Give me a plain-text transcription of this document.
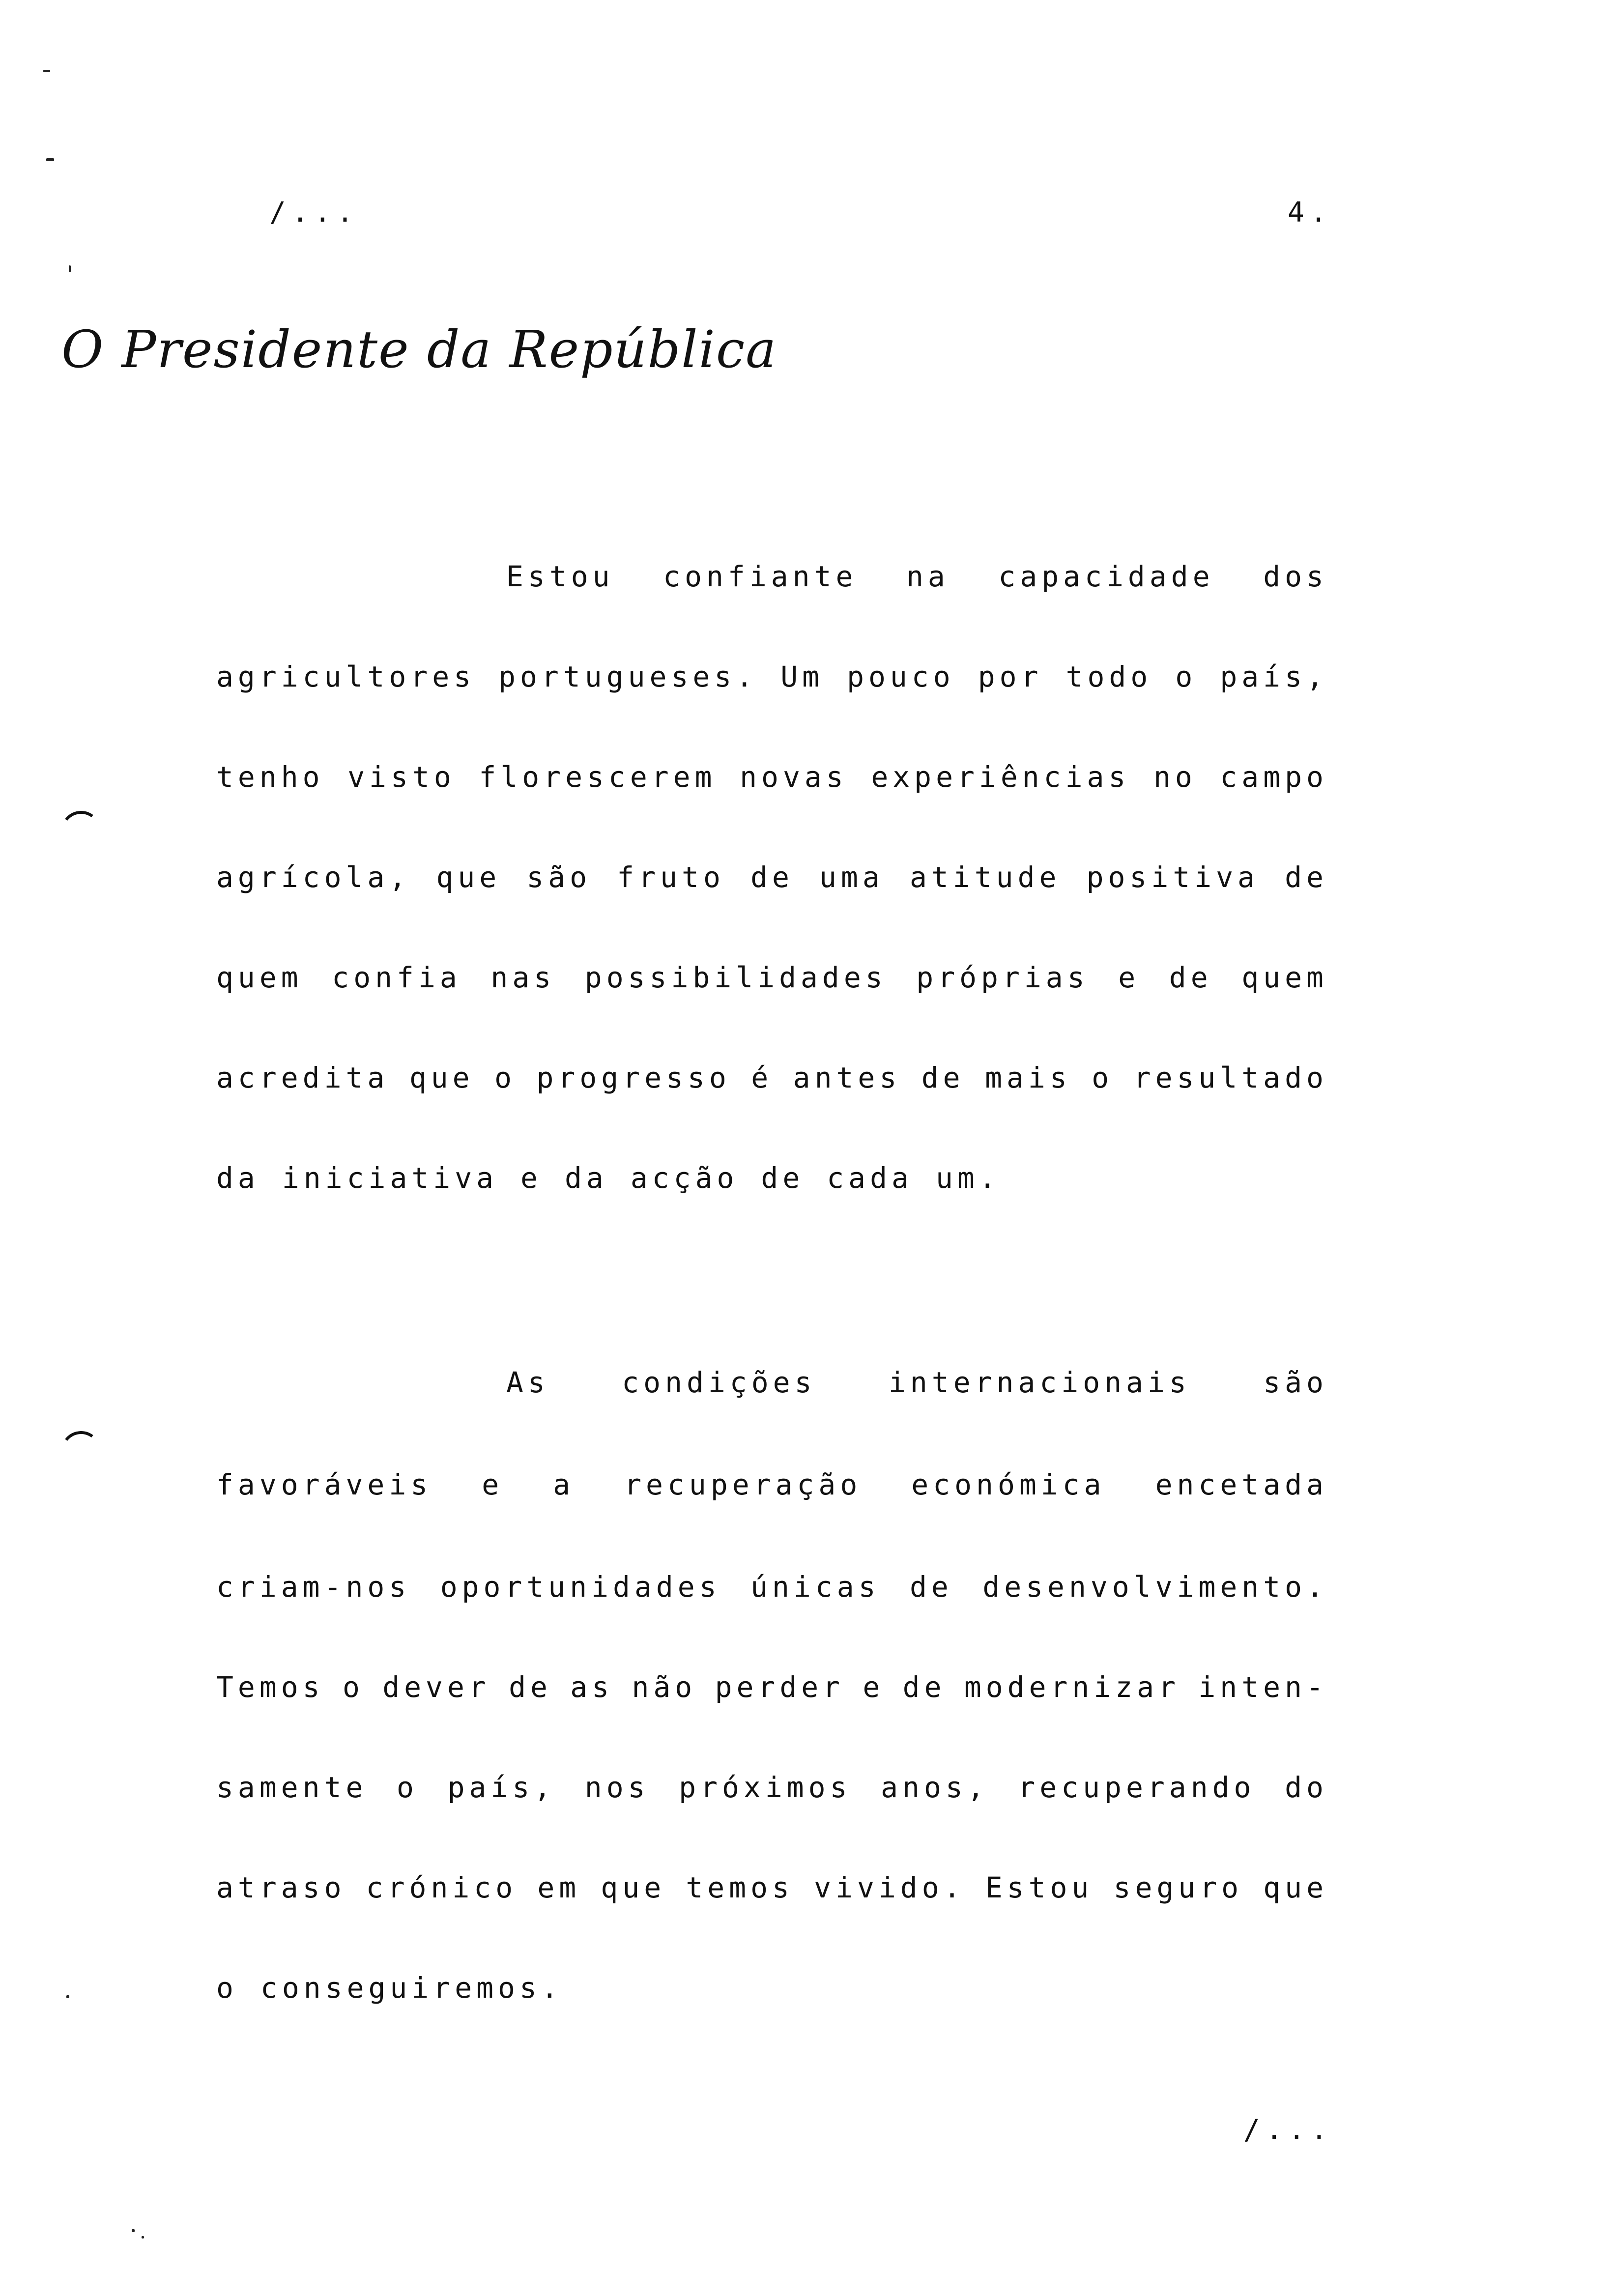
/...	4.
O Presidente da República
Estou confiante na capacidade dos
agricultores portugueses. Um pouco por todo o país,
tenho visto florescerem novas experiências no campo
agrícola, que são fruto de uma atitude positiva de
quem confia nas possibilidades próprias e de quem
acredita que o progresso é antes de mais o resultado
da iniciativa e da acção de cada um.
As	condições	internacionais	são
favoráveis e a recuperação económica encetada
criam-nos oportunidades únicas de desenvolvimento.
Temos o dever de as não perder e de modernizar inten-
samente o país, nos próximos anos, recuperando do
atraso crónico em que temos vivido. Estou seguro que
o conseguiremos.
/...
